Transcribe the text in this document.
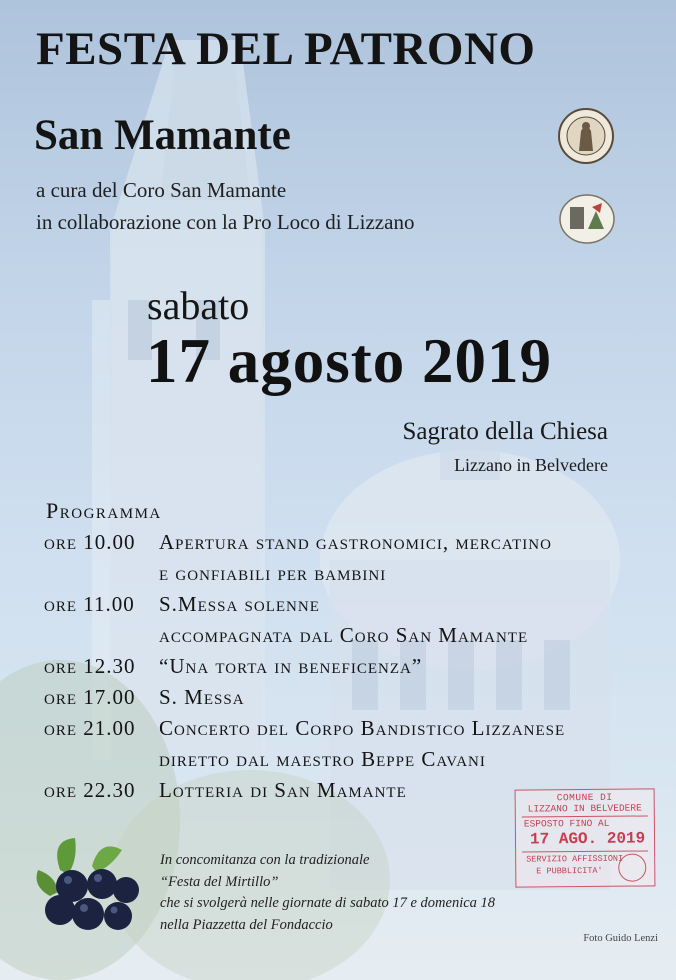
FESTA DEL PATRONO
San Mamante
a cura del Coro San Mamante
in collaborazione con la Pro Loco di Lizzano
sabato
17 agosto 2019
Sagrato della Chiesa
Lizzano in Belvedere
Programma
ore 10.00 Apertura stand gastronomici, mercatino
e gonfiabili per bambini
ore 11.00 S.Messa solenne
accompagnata dal Coro San Mamante
ore 12.30 “Una torta in beneficenza”
ore 17.00 S. Messa
ore 21.00 Concerto del Corpo Bandistico Lizzanese
diretto dal maestro Beppe Cavani
ore 22.30 Lotteria di San Mamante
In concomitanza con la tradizionale
“Festa del Mirtillo”
che si svolgerà nelle giornate di sabato 17 e domenica 18
nella Piazzetta del Fondaccio
COMUNE DI
LIZZANO IN BELVEDERE
ESPOSTO FINO AL
17 AGO. 2019
SERVIZIO AFFISSIONI
E PUBBLICITA'
Foto Guido Lenzi
